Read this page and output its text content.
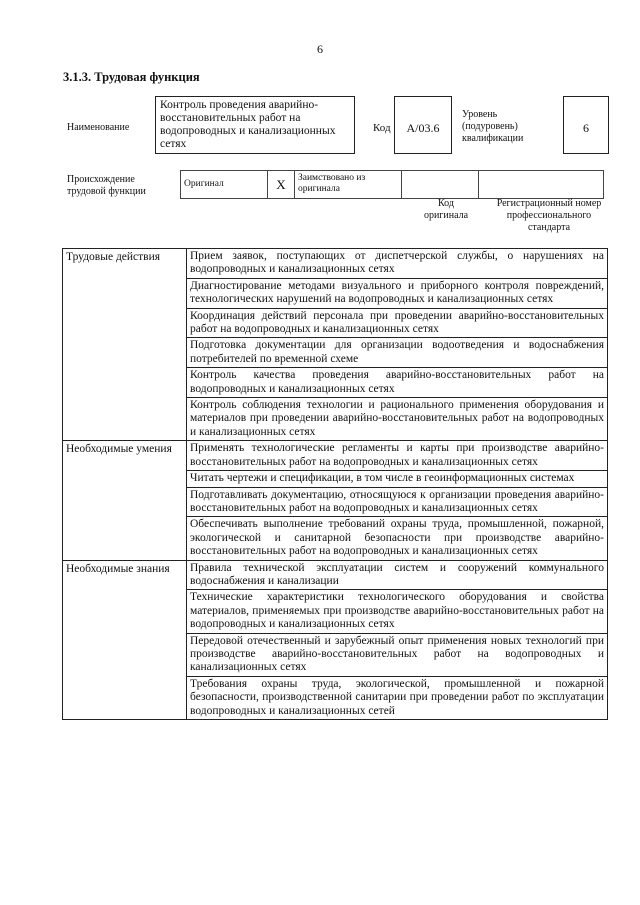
6
3.1.3. Трудовая функция
Наименование
Контроль проведения аварийно-восстановительных работ на водопроводных и канализационных сетях
Код	А/03.6
Уровень (подуровень) квалификации
6
Происхождение трудовой функции
Оригинал	X	Заимствовано из оригинала		
Код оригинала
Регистрационный номер профессионального стандарта
Трудовые действия	Прием заявок, поступающих от диспетчерской службы, о нарушениях на водопроводных и канализационных сетях
	Диагностирование методами визуального и приборного контроля повреждений, технологических нарушений на водопроводных и канализационных сетях
	Координация действий персонала при проведении аварийно-восстановительных работ на водопроводных и канализационных сетях
	Подготовка документации для организации водоотведения и водоснабжения потребителей по временной схеме
	Контроль качества проведения аварийно-восстановительных работ на водопроводных и канализационных сетях
	Контроль соблюдения технологии и рационального применения оборудования и материалов при проведении аварийно-восстановительных работ на водопроводных и канализационных сетях
Необходимые умения	Применять технологические регламенты и карты при производстве аварийно-восстановительных работ на водопроводных и канализационных сетях
	Читать чертежи и спецификации, в том числе в геоинформационных системах
	Подготавливать документацию, относящуюся к организации проведения аварийно-восстановительных работ на водопроводных и канализационных сетях
	Обеспечивать выполнение требований охраны труда, промышленной, пожарной, экологической и санитарной безопасности при производстве аварийно-восстановительных работ на водопроводных и канализационных сетях
Необходимые знания	Правила технической эксплуатации систем и сооружений коммунального водоснабжения и канализации
	Технические характеристики технологического оборудования и свойства материалов, применяемых при производстве аварийно-восстановительных работ на водопроводных и канализационных сетях
	Передовой отечественный и зарубежный опыт применения новых технологий при производстве аварийно-восстановительных работ на водопроводных и канализационных сетях
	Требования охраны труда, экологической, промышленной и пожарной безопасности, производственной санитарии при проведении работ по эксплуатации водопроводных и канализационных сетей
